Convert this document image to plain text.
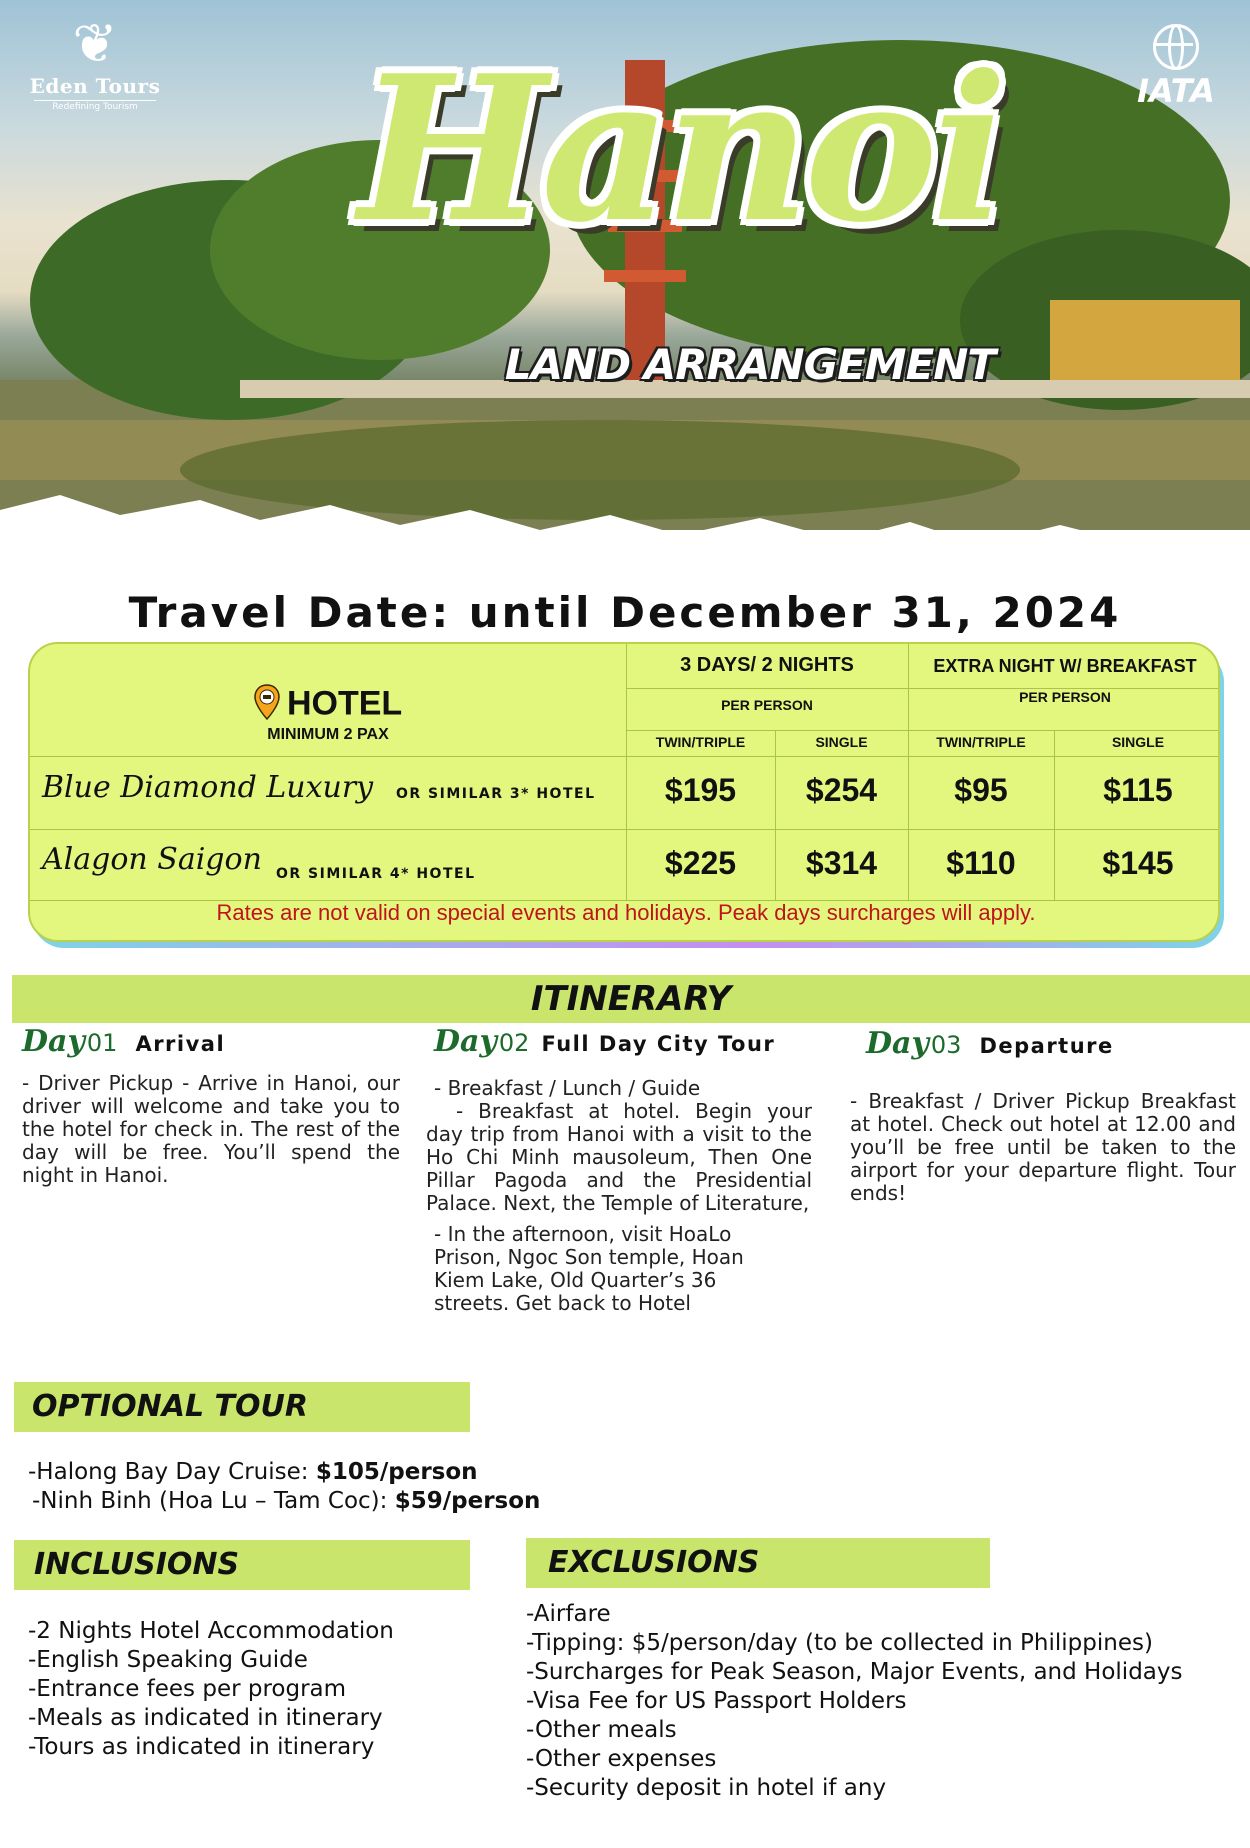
❦
Eden Tours
Redefining Tourism	IATA
Hanoi
LAND ARRANGEMENT
Travel Date: until December 31, 2024
HOTEL
MINIMUM 2 PAX
3 DAYS/ 2 NIGHTS	EXTRA NIGHT W/ BREAKFAST
PER PERSON	PER PERSON
TWIN/TRIPLE	SINGLE	TWIN/TRIPLE	SINGLE
Blue Diamond Luxury OR SIMILAR 3* HOTEL	$195	$254	$95	$115
Alagon Saigon OR SIMILAR 4* HOTEL	$225	$314	$110	$145
Rates are not valid on special events and holidays. Peak days surcharges will apply.
ITINERARY
Day01 Arrival
- Driver Pickup - Arrive in Hanoi, our driver will welcome and take you to the hotel for check in. The rest of the day will be free. You’ll spend the night in Hanoi.
Day02 Full Day City Tour
- Breakfast / Lunch / Guide
- Breakfast at hotel. Begin your day trip from Hanoi with a visit to the Ho Chi Minh mausoleum, Then One Pillar Pagoda and the Presidential Palace. Next, the Temple of Literature,
- In the afternoon, visit HoaLo Prison, Ngoc Son temple, Hoan Kiem Lake, Old Quarter’s 36 streets. Get back to Hotel
Day03 Departure
- Breakfast / Driver Pickup Breakfast at hotel. Check out hotel at 12.00 and you’ll be free until be taken to the airport for your departure flight. Tour ends!
OPTIONAL TOUR
-Halong Bay Day Cruise: $105/person
-Ninh Binh (Hoa Lu – Tam Coc): $59/person
INCLUSIONS
-2 Nights Hotel Accommodation
-English Speaking Guide
-Entrance fees per program
-Meals as indicated in itinerary
-Tours as indicated in itinerary
EXCLUSIONS
-Airfare
-Tipping: $5/person/day (to be collected in Philippines)
-Surcharges for Peak Season, Major Events, and Holidays
-Visa Fee for US Passport Holders
-Other meals
-Other expenses
-Security deposit in hotel if any
